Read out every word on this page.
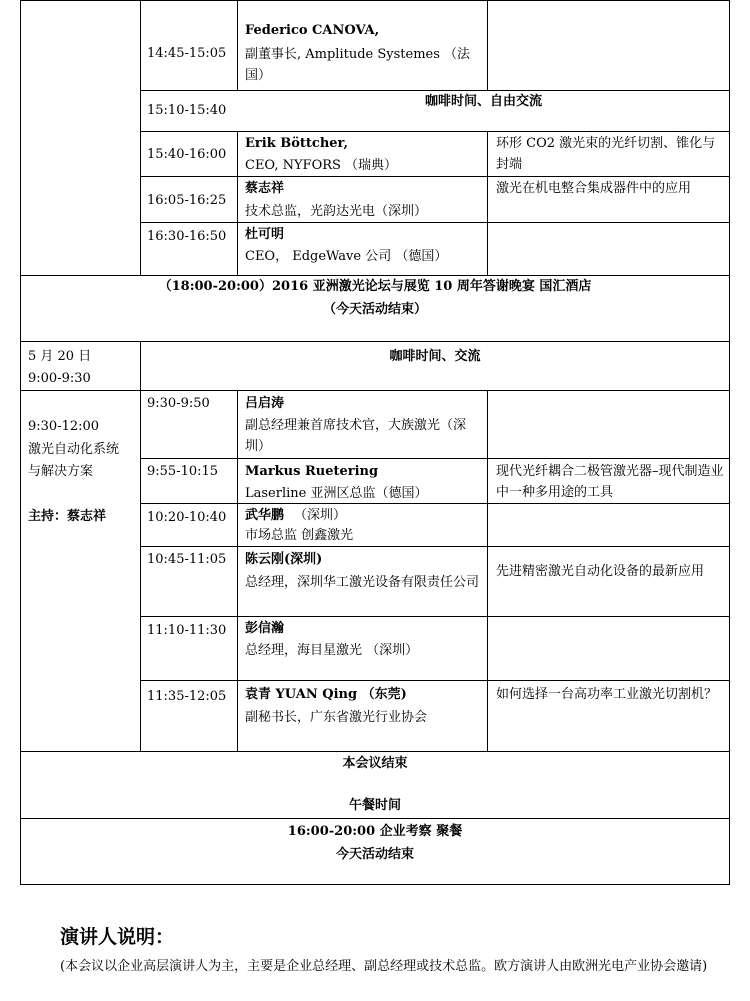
14:45-15:05
Federico CANOVA,
副董事长, Amplitude Systemes （法国）
15:10-15:40
咖啡时间、自由交流
15:40-16:00
Erik Böttcher,
CEO, NYFORS （瑞典）
环形 CO2 激光束的光纤切割、锥化与封端
16:05-16:25
蔡志祥
技术总监，光韵达光电（深圳）
激光在机电整合集成器件中的应用
16:30-16:50 杜可明
CEO， EdgeWave 公司 （德国）
（18:00-20:00）2016 亚洲激光论坛与展览 10 周年答谢晚宴 国汇酒店
（今天活动结束）
5 月 20 日
9:00-9:30
咖啡时间、交流
9:30-12:00
激光自动化系统
与解决方案
主持：蔡志祥
9:30-9:50	吕启涛
副总经理兼首席技术官，大族激光（深圳）
9:55-10:15 Markus Ruetering
Laserline 亚洲区总监（德国）
现代光纤耦合二极管激光器–现代制造业中一种多用途的工具
10:20-10:40 武华鹏 （深圳）
市场总监 创鑫激光
10:45-11:05 陈云刚(深圳)
总经理，深圳华工激光设备有限责任公司
先进精密激光自动化设备的最新应用
11:10-11:30 彭信瀚
总经理，海目星激光 （深圳）
11:35-12:05 袁青 YUAN Qing （东莞)
副秘书长，广东省激光行业协会
如何选择一台高功率工业激光切割机？
本会议结束
午餐时间
16:00-20:00 企业考察 聚餐
今天活动结束
演讲人说明：
(本会议以企业高层演讲人为主，主要是企业总经理、副总经理或技术总监。欧方演讲人由欧洲光电产业协会邀请)
